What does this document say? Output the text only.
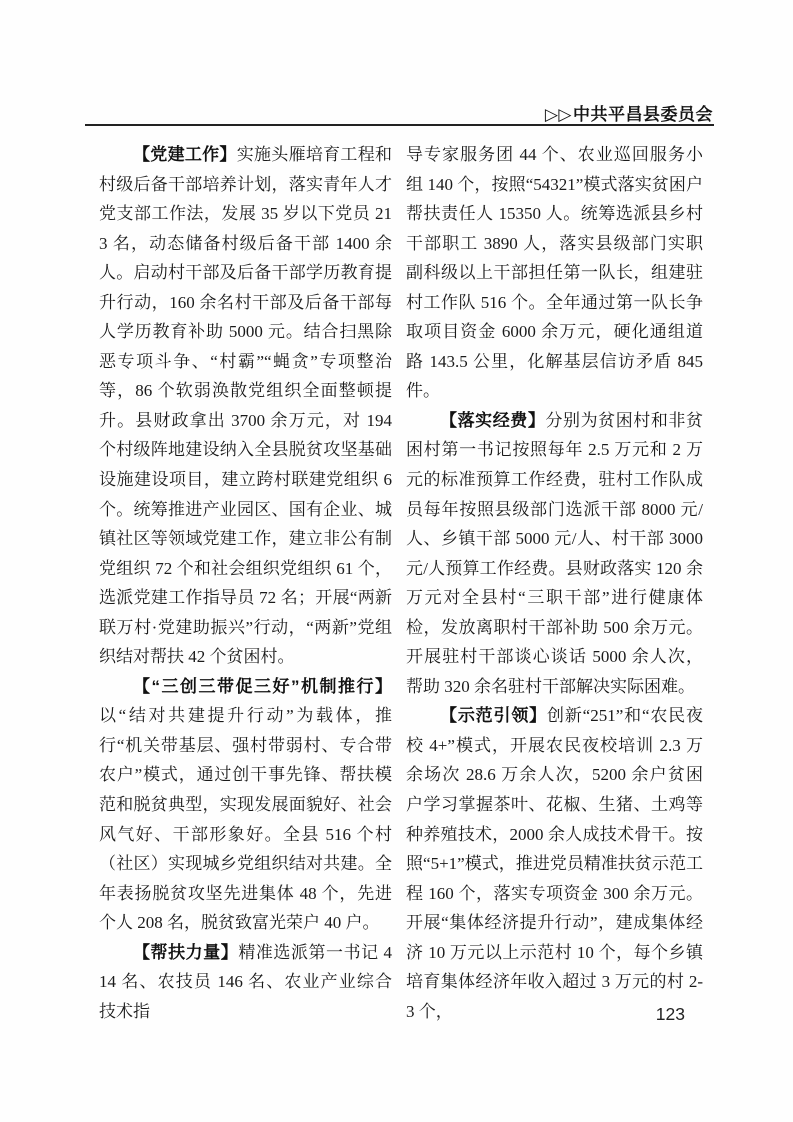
▷▷中共平昌县委员会

【党建工作】实施头雁培育工程和村级后备干部培养计划，落实青年人才党支部工作法，发展 35 岁以下党员 213 名，动态储备村级后备干部 1400 余人。启动村干部及后备干部学历教育提升行动，160 余名村干部及后备干部每人学历教育补助 5000 元。结合扫黑除恶专项斗争、“村霸”“蝇贪”专项整治等，86 个软弱涣散党组织全面整顿提升。县财政拿出 3700 余万元，对 194 个村级阵地建设纳入全县脱贫攻坚基础设施建设项目，建立跨村联建党组织 6 个。统筹推进产业园区、国有企业、城镇社区等领域党建工作，建立非公有制党组织 72 个和社会组织党组织 61 个，选派党建工作指导员 72 名；开展“两新联万村·党建助振兴”行动，“两新”党组织结对帮扶 42 个贫困村。

【“三创三带促三好”机制推行】以“结对共建提升行动”为载体，推行“机关带基层、强村带弱村、专合带农户”模式，通过创干事先锋、帮扶模范和脱贫典型，实现发展面貌好、社会风气好、干部形象好。全县 516 个村（社区）实现城乡党组织结对共建。全年表扬脱贫攻坚先进集体 48 个，先进个人 208 名，脱贫致富光荣户 40 户。

【帮扶力量】精准选派第一书记 414 名、农技员 146 名、农业产业综合技术指

导专家服务团 44 个、农业巡回服务小组 140 个，按照“54321”模式落实贫困户帮扶责任人 15350 人。统筹选派县乡村干部职工 3890 人，落实县级部门实职副科级以上干部担任第一队长，组建驻村工作队 516 个。全年通过第一队长争取项目资金 6000 余万元，硬化通组道路 143.5 公里，化解基层信访矛盾 845 件。

【落实经费】分别为贫困村和非贫困村第一书记按照每年 2.5 万元和 2 万元的标准预算工作经费，驻村工作队成员每年按照县级部门选派干部 8000 元/人、乡镇干部 5000 元/人、村干部 3000 元/人预算工作经费。县财政落实 120 余万元对全县村“三职干部”进行健康体检，发放离职村干部补助 500 余万元。开展驻村干部谈心谈话 5000 余人次，帮助 320 余名驻村干部解决实际困难。

【示范引领】创新“251”和“农民夜校 4+”模式，开展农民夜校培训 2.3 万余场次 28.6 万余人次，5200 余户贫困户学习掌握茶叶、花椒、生猪、土鸡等种养殖技术，2000 余人成技术骨干。按照“5+1”模式，推进党员精准扶贫示范工程 160 个，落实专项资金 300 余万元。开展“集体经济提升行动”，建成集体经济 10 万元以上示范村 10 个，每个乡镇培育集体经济年收入超过 3 万元的村 2-3 个，	123
